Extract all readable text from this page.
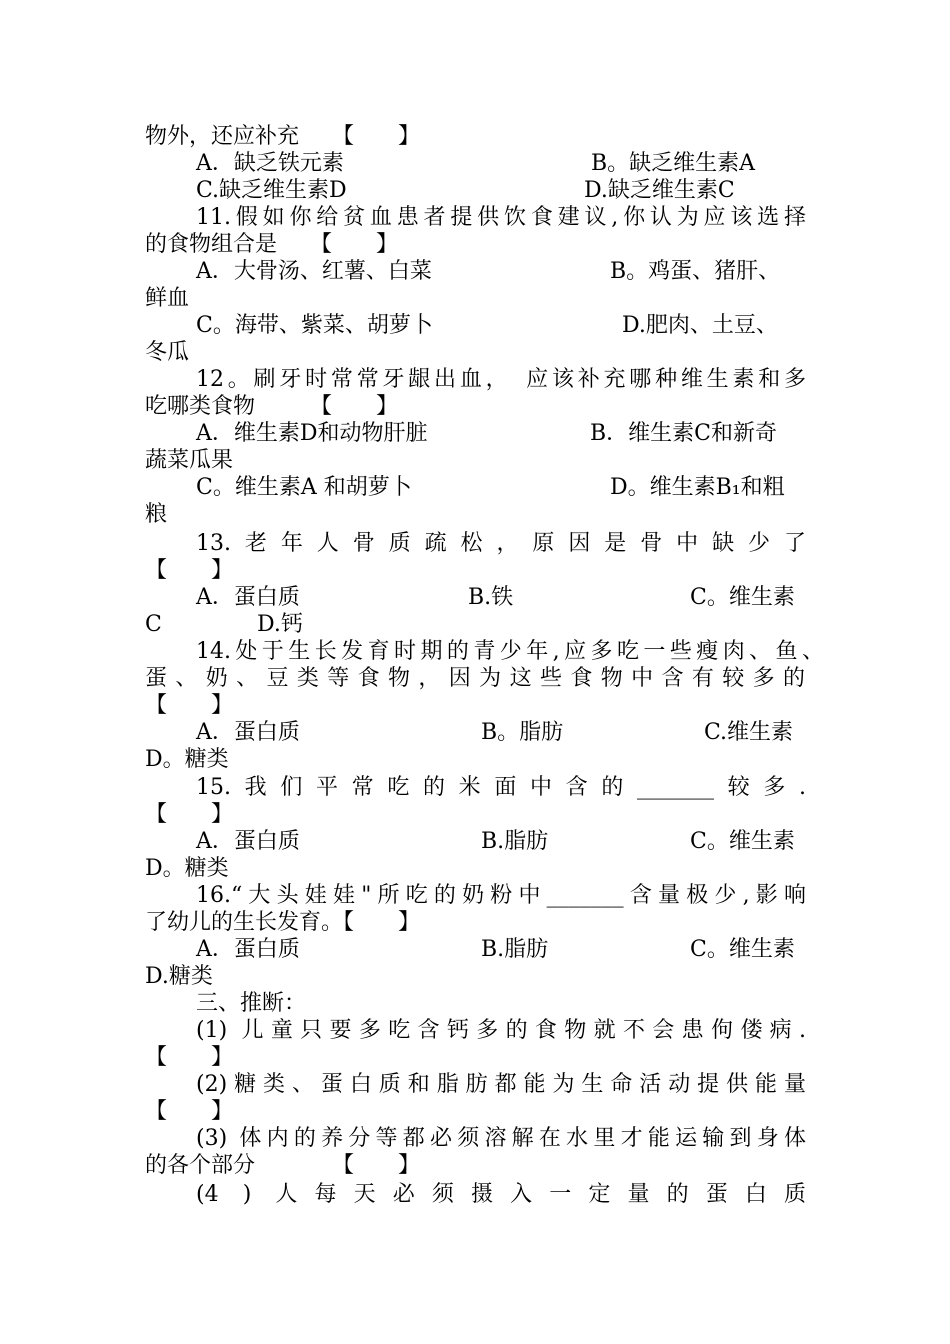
物外，还应补充　　【　　】
A．缺乏铁元素	B。缺乏维生素A
C.缺乏维生素D	D.缺乏维生素C
11.假如你给贫血患者提供饮食建议,你认为应该选择
的食物组合是　　【　　】
A．大骨汤、红薯、白菜	B。鸡蛋、猪肝、
鲜血
C。海带、紫菜、胡萝卜	D.肥肉、土豆、
冬瓜
12。刷牙时常常牙龈出血，　应该补充哪种维生素和多
吃哪类食物　　　【　　】
A．维生素D和动物肝脏	B．维生素C和新奇
蔬菜瓜果
C。维生素A 和胡萝卜	D。维生素B₁和粗
粮
13.老年人骨质疏松，原因是骨中缺少了
【　　】
A．蛋白质	B.铁	C。维生素
C	D.钙
14.处于生长发育时期的青少年,应多吃一些瘦肉、鱼、
蛋、奶、豆类等食物，因为这些食物中含有较多的
【　　】
A．蛋白质	B。脂肪	C.维生素
D。糖类
15.我们平常吃的米面中含的_______较多.
【　　】
A．蛋白质	B.脂肪	C。维生素
D。糖类
16.“大头娃娃"所吃的奶粉中_______含量极少,影响
了幼儿的生长发育。【　　】
A．蛋白质	B.脂肪	C。维生素
D.糖类
三、推断：
(1) 儿童只要多吃含钙多的食物就不会患佝偻病.
【　　】
(2)糖类、蛋白质和脂肪都能为生命活动提供能量
【　　】
(3) 体内的养分等都必须溶解在水里才能运输到身体
的各个部分　　　　【　　】
(4 ) 人每天必须摄入一定量的蛋白质
